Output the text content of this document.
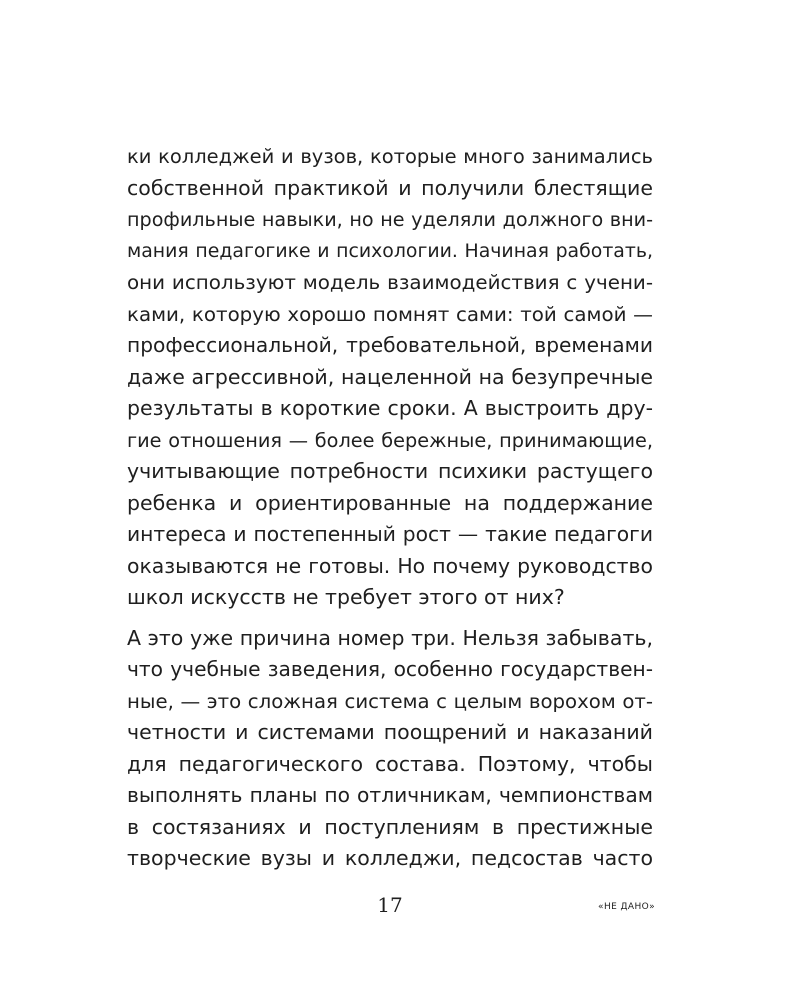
ки колледжей и вузов, которые много занимались
собственной практикой и получили блестящие
профильные навыки, но не уделяли должного вни-
мания педагогике и психологии. Начиная работать,
они используют модель взаимодействия с учени-
ками, которую хорошо помнят сами: той самой —
профессиональной, требовательной, временами
даже агрессивной, нацеленной на безупречные
результаты в короткие сроки. А выстроить дру-
гие отношения — более бережные, принимающие,
учитывающие потребности психики растущего
ребенка и ориентированные на поддержание
интереса и постепенный рост — такие педагоги
оказываются не готовы. Но почему руководство
школ искусств не требует этого от них?

А это уже причина номер три. Нельзя забывать,
что учебные заведения, особенно государствен-
ные, — это сложная система с целым ворохом от-
четности и системами поощрений и наказаний
для педагогического состава. Поэтому, чтобы
выполнять планы по отличникам, чемпионствам
в состязаниях и поступлениям в престижные
творческие вузы и колледжи, педсостав часто

17	«НЕ ДАНО»
